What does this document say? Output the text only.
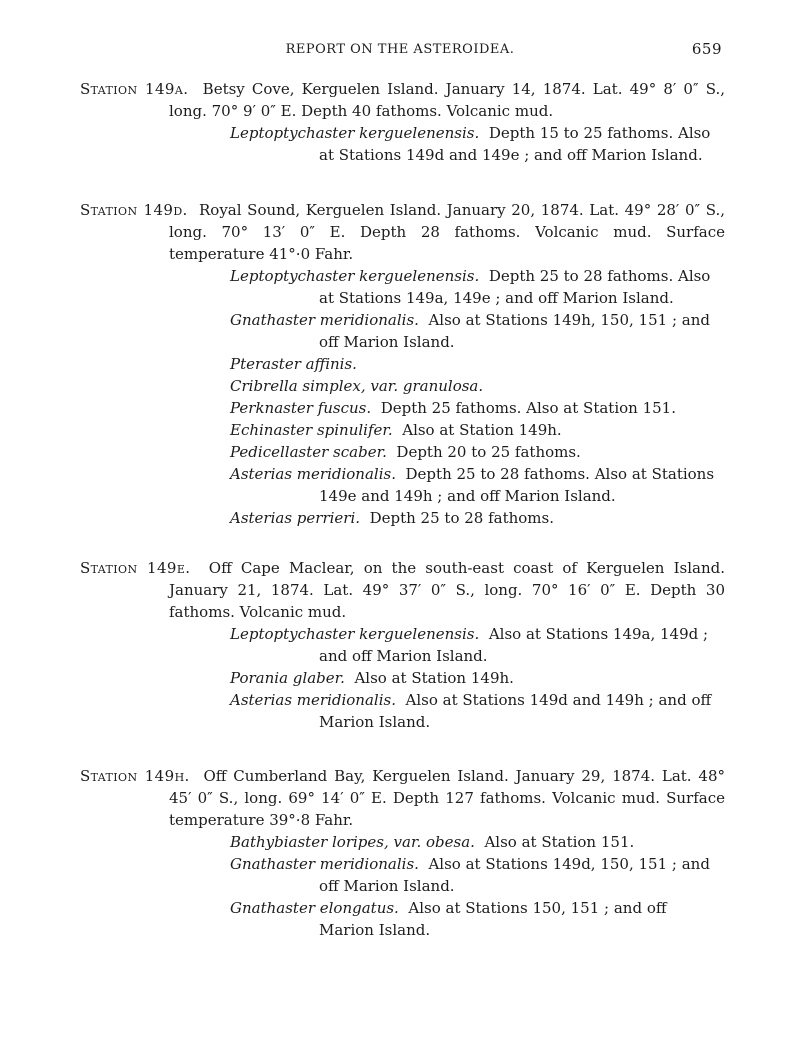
REPORT ON THE ASTEROIDEA.	659

Station 149a. Betsy Cove, Kerguelen Island. January 14, 1874. Lat. 49° 8′ 0″ S., long. 70° 9′ 0″ E. Depth 40 fathoms. Volcanic mud.

Leptoptychaster kerguelenensis. Depth 15 to 25 fathoms. Also at Stations 149d and 149e ; and off Marion Island.

Station 149d. Royal Sound, Kerguelen Island. January 20, 1874. Lat. 49° 28′ 0″ S., long. 70° 13′ 0″ E. Depth 28 fathoms. Volcanic mud. Surface temperature 41°·0 Fahr.

Leptoptychaster kerguelenensis. Depth 25 to 28 fathoms. Also at Stations 149a, 149e ; and off Marion Island.

Gnathaster meridionalis. Also at Stations 149h, 150, 151 ; and off Marion Island.

Pteraster affinis.

Cribrella simplex, var. granulosa.

Perknaster fuscus. Depth 25 fathoms. Also at Station 151.

Echinaster spinulifer. Also at Station 149h.

Pedicellaster scaber. Depth 20 to 25 fathoms.

Asterias meridionalis. Depth 25 to 28 fathoms. Also at Stations 149e and 149h ; and off Marion Island.

Asterias perrieri. Depth 25 to 28 fathoms.

Station 149e. Off Cape Maclear, on the south-east coast of Kerguelen Island. January 21, 1874. Lat. 49° 37′ 0″ S., long. 70° 16′ 0″ E. Depth 30 fathoms. Volcanic mud.

Leptoptychaster kerguelenensis. Also at Stations 149a, 149d ; and off Marion Island.

Porania glaber. Also at Station 149h.

Asterias meridionalis. Also at Stations 149d and 149h ; and off Marion Island.

Station 149h. Off Cumberland Bay, Kerguelen Island. January 29, 1874. Lat. 48° 45′ 0″ S., long. 69° 14′ 0″ E. Depth 127 fathoms. Volcanic mud. Surface temperature 39°·8 Fahr.

Bathybiaster loripes, var. obesa. Also at Station 151.

Gnathaster meridionalis. Also at Stations 149d, 150, 151 ; and off Marion Island.

Gnathaster elongatus. Also at Stations 150, 151 ; and off Marion Island.
